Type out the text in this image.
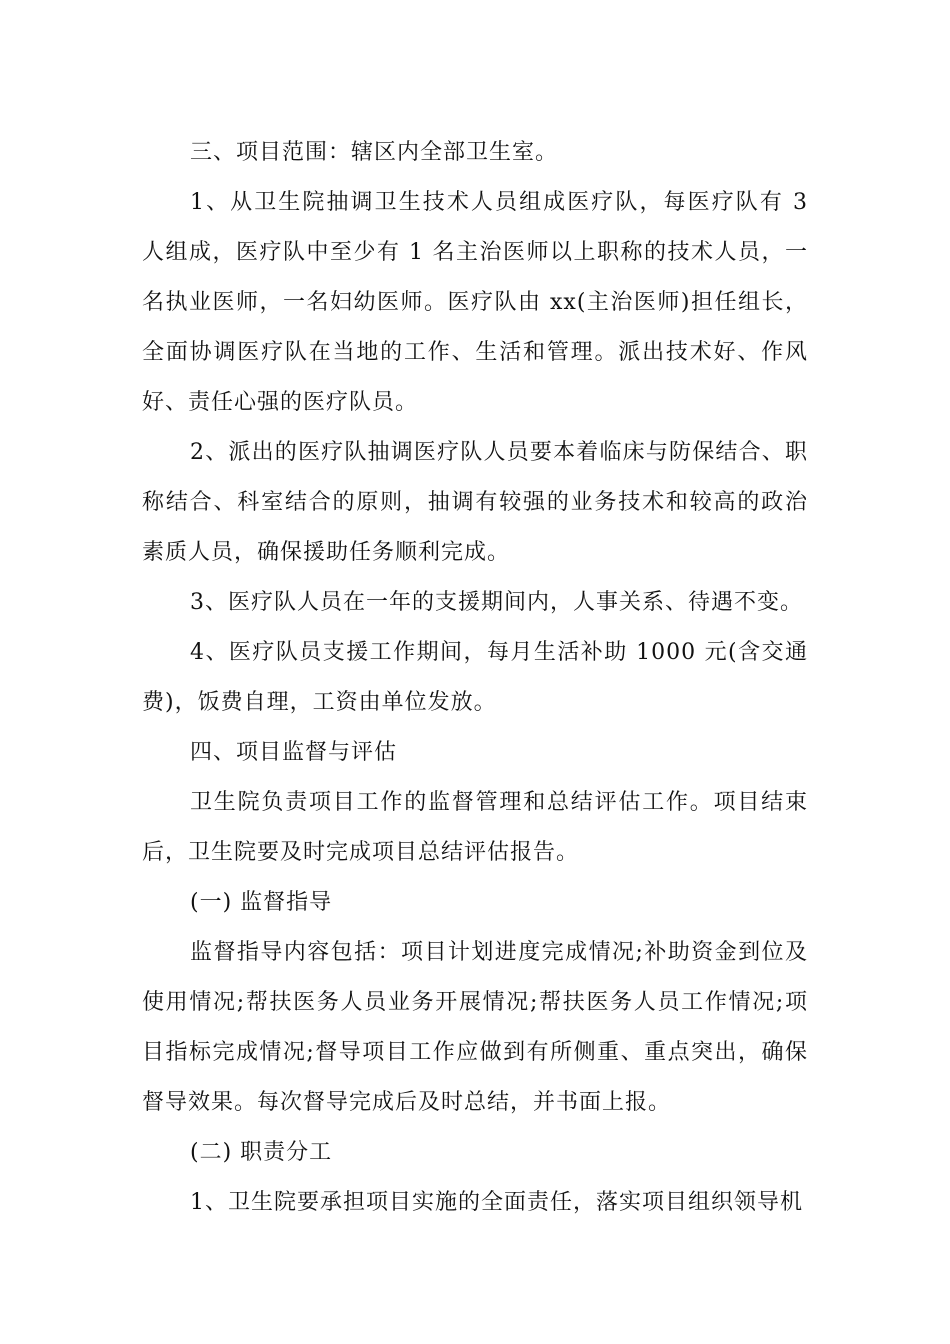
三、项目范围：辖区内全部卫生室。

1、从卫生院抽调卫生技术人员组成医疗队，每医疗队有 3 人组成，医疗队中至少有 1 名主治医师以上职称的技术人员，一名执业医师，一名妇幼医师。医疗队由 xx(主治医师)担任组长，全面协调医疗队在当地的工作、生活和管理。派出技术好、作风好、责任心强的医疗队员。

2、派出的医疗队抽调医疗队人员要本着临床与防保结合、职称结合、科室结合的原则，抽调有较强的业务技术和较高的政治素质人员，确保援助任务顺利完成。

3、医疗队人员在一年的支援期间内，人事关系、待遇不变。

4、医疗队员支援工作期间，每月生活补助 1000 元(含交通费)，饭费自理，工资由单位发放。

四、项目监督与评估

卫生院负责项目工作的监督管理和总结评估工作。项目结束后，卫生院要及时完成项目总结评估报告。

(一) 监督指导

监督指导内容包括：项目计划进度完成情况;补助资金到位及使用情况;帮扶医务人员业务开展情况;帮扶医务人员工作情况;项目指标完成情况;督导项目工作应做到有所侧重、重点突出，确保督导效果。每次督导完成后及时总结，并书面上报。

(二) 职责分工

1、卫生院要承担项目实施的全面责任，落实项目组织领导机
